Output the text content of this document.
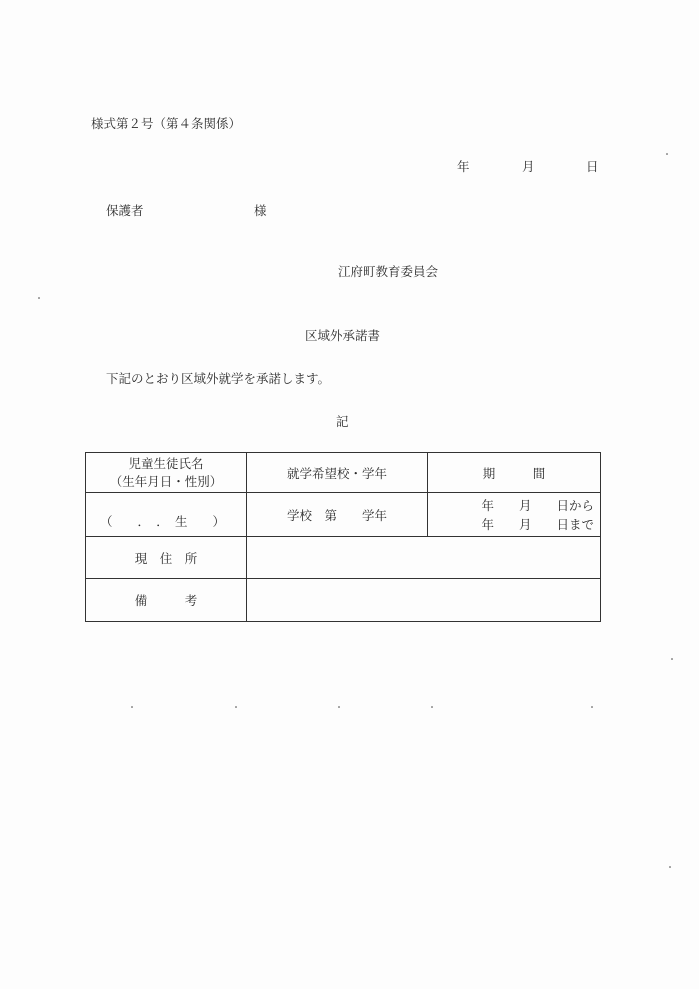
様式第２号（第４条関係）
年	月	日
保護者	様
江府町教育委員会
区域外承諾書
下記のとおり区域外就学を承諾します。
記
児童生徒氏名
（生年月日・性別）	就学希望校・学年	期　　　間

（　　．　．　生　　）	学校　第　　学年	年　　月　　日から
年　　月　　日まで

現　住　所		
備　　　考		
